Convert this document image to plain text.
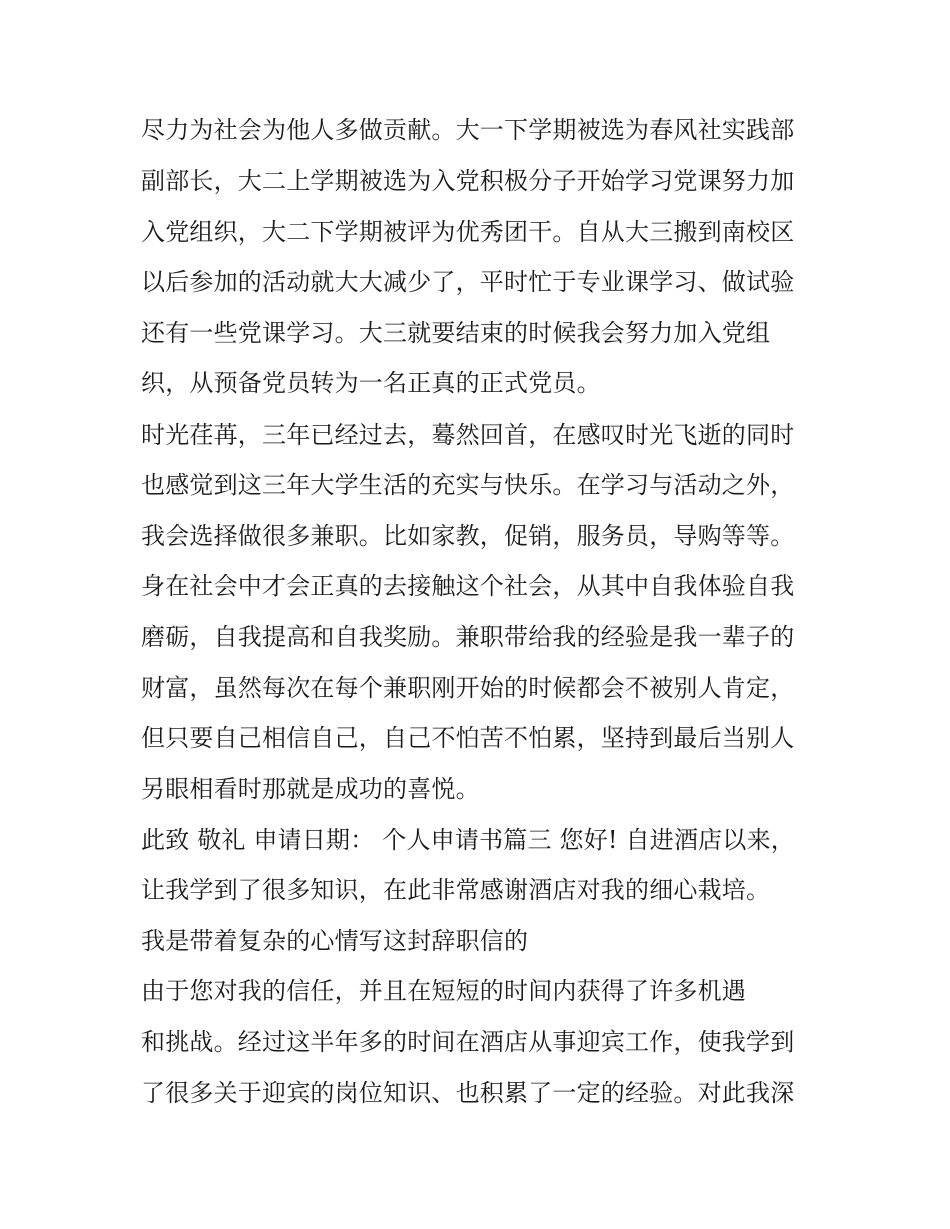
尽力为社会为他人多做贡献。大一下学期被选为春风社实践部

副部长，大二上学期被选为入党积极分子开始学习党课努力加

入党组织，大二下学期被评为优秀团干。自从大三搬到南校区

以后参加的活动就大大减少了，平时忙于专业课学习、做试验

还有一些党课学习。大三就要结束的时候我会努力加入党组

织，从预备党员转为一名正真的正式党员。

时光荏苒，三年已经过去，蓦然回首，在感叹时光飞逝的同时

也感觉到这三年大学生活的充实与快乐。在学习与活动之外，

我会选择做很多兼职。比如家教，促销，服务员，导购等等。

身在社会中才会正真的去接触这个社会，从其中自我体验自我

磨砺，自我提高和自我奖励。兼职带给我的经验是我一辈子的

财富，虽然每次在每个兼职刚开始的时候都会不被别人肯定，

但只要自己相信自己，自己不怕苦不怕累，坚持到最后当别人

另眼相看时那就是成功的喜悦。

此致 敬礼 申请日期： 个人申请书篇三 您好! 自进酒店以来，

让我学到了很多知识，在此非常感谢酒店对我的细心栽培。

我是带着复杂的心情写这封辞职信的

由于您对我的信任，并且在短短的时间内获得了许多机遇

和挑战。经过这半年多的时间在酒店从事迎宾工作，使我学到

了很多关于迎宾的岗位知识、也积累了一定的经验。对此我深
